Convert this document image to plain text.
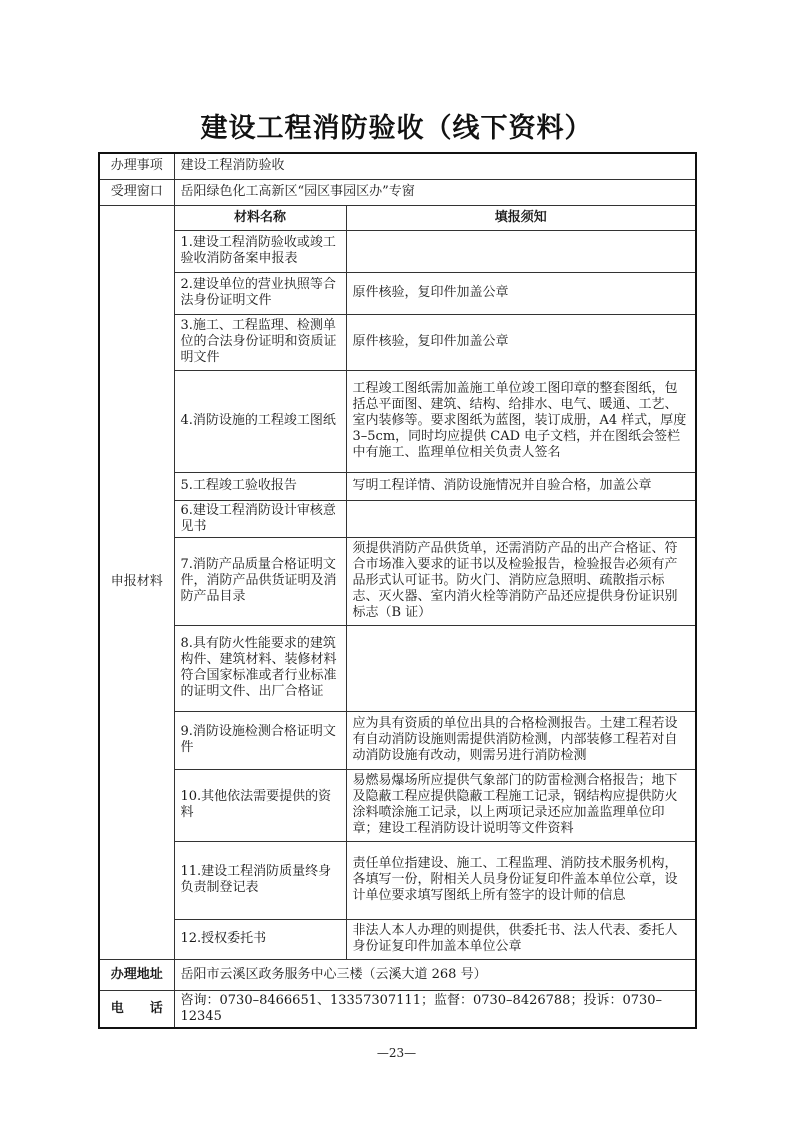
建设工程消防验收（线下资料）
办理事项	建设工程消防验收	
受理窗口	岳阳绿色化工高新区“园区事园区办”专窗	
申报材料	材料名称	填报须知
	1.建设工程消防验收或竣工验收消防备案申报表	
	2.建设单位的营业执照等合法身份证明文件	原件核验，复印件加盖公章
	3.施工、工程监理、检测单位的合法身份证明和资质证明文件	原件核验，复印件加盖公章
	4.消防设施的工程竣工图纸	工程竣工图纸需加盖施工单位竣工图印章的整套图纸，包括总平面图、建筑、结构、给排水、电气、暖通、工艺、室内装修等。要求图纸为蓝图，装订成册，A4 样式，厚度 3–5cm，同时均应提供 CAD 电子文档，并在图纸会签栏中有施工、监理单位相关负责人签名
	5.工程竣工验收报告	写明工程详情、消防设施情况并自验合格，加盖公章
	6.建设工程消防设计审核意见书	
	7.消防产品质量合格证明文件，消防产品供货证明及消防产品目录	须提供消防产品供货单，还需消防产品的出产合格证、符合市场准入要求的证书以及检验报告，检验报告必须有产品形式认可证书。防火门、消防应急照明、疏散指示标志、灭火器、室内消火栓等消防产品还应提供身份证识别标志（B 证）
	8.具有防火性能要求的建筑构件、建筑材料、装修材料符合国家标准或者行业标准的证明文件、出厂合格证	
	9.消防设施检测合格证明文件	应为具有资质的单位出具的合格检测报告。土建工程若设有自动消防设施则需提供消防检测，内部装修工程若对自动消防设施有改动，则需另进行消防检测
	10.其他依法需要提供的资料	易燃易爆场所应提供气象部门的防雷检测合格报告；地下及隐蔽工程应提供隐蔽工程施工记录，钢结构应提供防火涂料喷涂施工记录，以上两项记录还应加盖监理单位印章；建设工程消防设计说明等文件资料
	11.建设工程消防质量终身负责制登记表	责任单位指建设、施工、工程监理、消防技术服务机构，各填写一份，附相关人员身份证复印件盖本单位公章，设计单位要求填写图纸上所有签字的设计师的信息
	12.授权委托书	非法人本人办理的则提供，供委托书、法人代表、委托人身份证复印件加盖本单位公章
办理地址	岳阳市云溪区政务服务中心三楼（云溪大道 268 号）	
电　　话	咨询：0730–8466651、13357307111；监督：0730–8426788；投诉：0730–12345	
—23—
